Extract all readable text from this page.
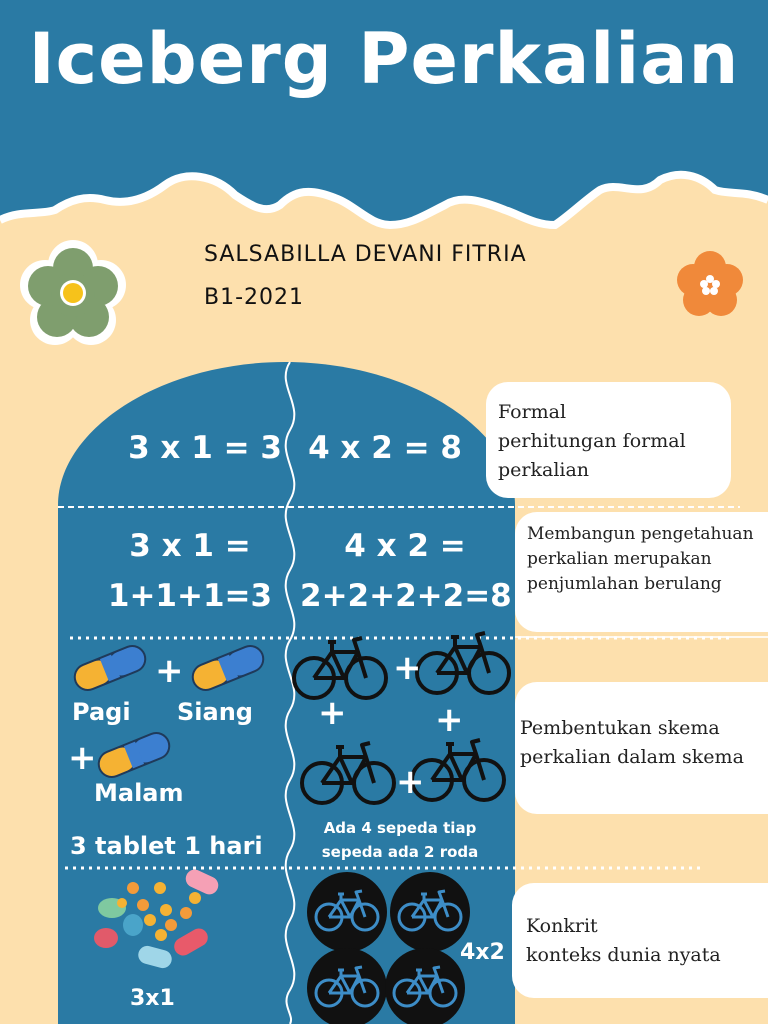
Iceberg Perkalian
SALSABILLA DEVANI FITRIA
B1-2021
3 x 1 = 3 4 x 2 = 8
3 x 1 =
1+1+1=3
4 x 2 =
2+2+2+2=8
Pagi Siang
Malam
+
+
3 tablet 1 hari
+
+	+
+
Ada 4 sepeda tiap
sepeda ada 2 roda
3x1
4x2
Formal
perhitungan formal
perkalian
Membangun pengetahuan
perkalian merupakan
penjumlahan berulang
Pembentukan skema
perkalian dalam skema
Konkrit
konteks dunia nyata
